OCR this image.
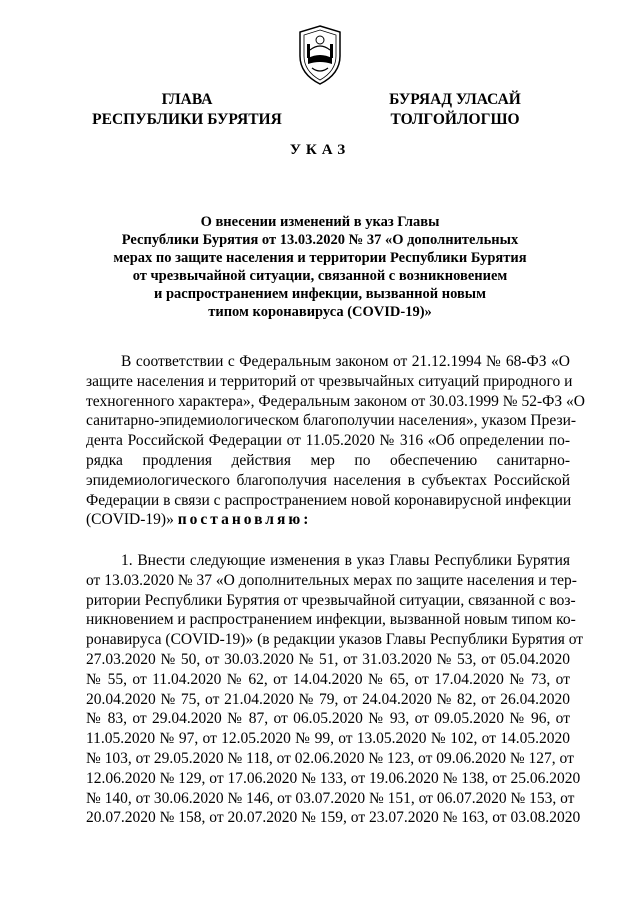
ГЛАВА
РЕСПУБЛИКИ БУРЯТИЯ
БУРЯАД УЛАСАЙ
ТОЛГОЙЛОГШО
УКАЗ
О внесении изменений в указ Главы
Республики Бурятия от 13.03.2020 № 37 «О дополнительных
мерах по защите населения и территории Республики Бурятия
от чрезвычайной ситуации, связанной с возникновением
и распространением инфекции, вызванной новым
типом коронавируса (COVID-19)»
В соответствии с Федеральным законом от 21.12.1994 № 68-ФЗ «О
защите населения и территорий от чрезвычайных ситуаций природного и
техногенного характера», Федеральным законом от 30.03.1999 № 52-ФЗ «О
санитарно-эпидемиологическом благополучии населения», указом Прези-
дента Российской Федерации от 11.05.2020 № 316 «Об определении по-
рядка продления действия мер по обеспечению санитарно-
эпидемиологического благополучия населения в субъектах Российской
Федерации в связи с распространением новой коронавирусной инфекции
(COVID-19)» постановляю:
1. Внести следующие изменения в указ Главы Республики Бурятия
от 13.03.2020 № 37 «О дополнительных мерах по защите населения и тер-
ритории Республики Бурятия от чрезвычайной ситуации, связанной с воз-
никновением и распространением инфекции, вызванной новым типом ко-
ронавируса (COVID-19)» (в редакции указов Главы Республики Бурятия от
27.03.2020 № 50, от 30.03.2020 № 51, от 31.03.2020 № 53, от 05.04.2020
№ 55, от 11.04.2020 № 62, от 14.04.2020 № 65, от 17.04.2020 № 73, от
20.04.2020 № 75, от 21.04.2020 № 79, от 24.04.2020 № 82, от 26.04.2020
№ 83, от 29.04.2020 № 87, от 06.05.2020 № 93, от 09.05.2020 № 96, от
11.05.2020 № 97, от 12.05.2020 № 99, от 13.05.2020 № 102, от 14.05.2020
№ 103, от 29.05.2020 № 118, от 02.06.2020 № 123, от 09.06.2020 № 127, от
12.06.2020 № 129, от 17.06.2020 № 133, от 19.06.2020 № 138, от 25.06.2020
№ 140, от 30.06.2020 № 146, от 03.07.2020 № 151, от 06.07.2020 № 153, от
20.07.2020 № 158, от 20.07.2020 № 159, от 23.07.2020 № 163, от 03.08.2020
